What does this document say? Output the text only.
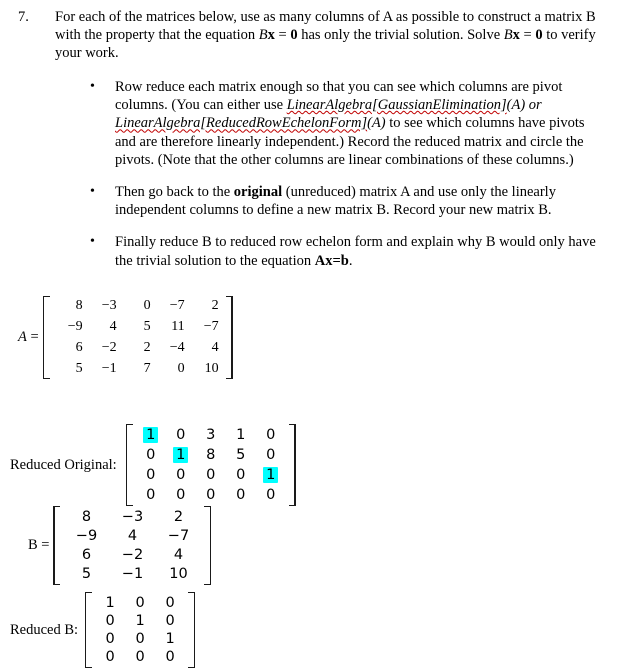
7.	For each of the matrices below, use as many columns of A as possible to construct a matrix B with the property that the equation Bx = 0 has only the trivial solution. Solve Bx = 0 to verify your work.
•	Row reduce each matrix enough so that you can see which columns are pivot columns. (You can either use LinearAlgebra[GaussianElimination](A) or LinearAlgebra[ReducedRowEchelonForm](A) to see which columns have pivots and are therefore linearly independent.) Record the reduced matrix and circle the pivots. (Note that the other columns are linear combinations of these columns.)
•	Then go back to the original (unreduced) matrix A and use only the linearly independent columns to define a new matrix B. Record your new matrix B.
•	Finally reduce B to reduced row echelon form and explain why B would only have the trivial solution to the equation Ax=b.
A =
8	−3	0	−7	2
−9	4	5	11	−7
6	−2	2	−4	4
5	−1	7	0	10
Reduced Original:
1	0	3	1	0
0	1	8	5	0
0	0	0	0	1
0	0	0	0	0
B =
8	−3	2
−9	4	−7
6	−2	4
5	−1	10
Reduced B:
1	0	0
0	1	0
0	0	1
0	0	0
